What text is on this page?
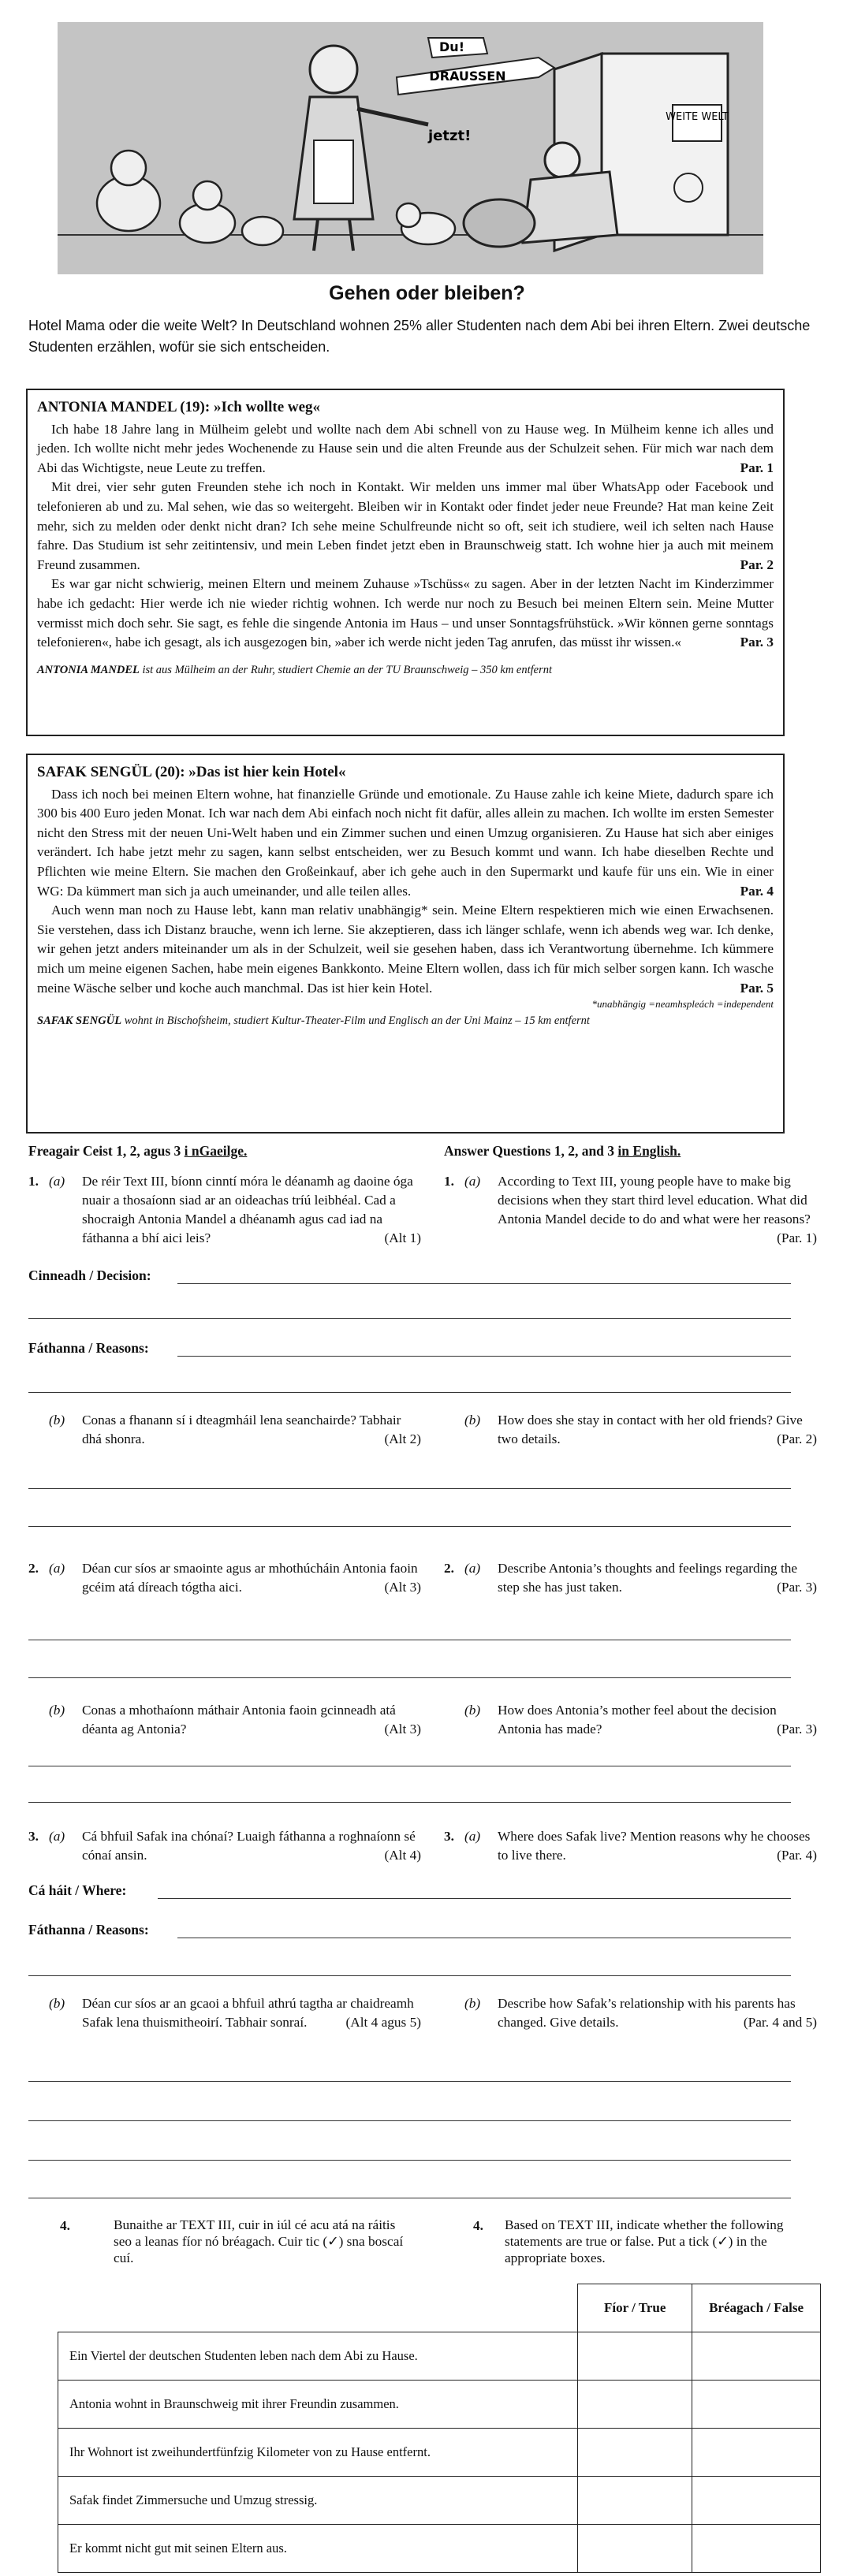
WEITE WELT
Du!
DRAUSSEN
jetzt!
Gehen oder bleiben?
Hotel Mama oder die weite Welt? In Deutschland wohnen 25% aller Studenten nach dem Abi bei ihren Eltern. Zwei deutsche Studenten erzählen, wofür sie sich entscheiden.
ANTONIA MANDEL (19): »Ich wollte weg«

Ich habe 18 Jahre lang in Mülheim gelebt und wollte nach dem Abi schnell von zu Hause weg. In Mülheim kenne ich alles und jeden. Ich wollte nicht mehr jedes Wochenende zu Hause sein und die alten Freunde aus der Schulzeit sehen. Für mich war nach dem Abi das Wichtigste, neue Leute zu treffen.	Par. 1

Mit drei, vier sehr guten Freunden stehe ich noch in Kontakt. Wir melden uns immer mal über WhatsApp oder Facebook und telefonieren ab und zu. Mal sehen, wie das so weitergeht. Bleiben wir in Kontakt oder findet jeder neue Freunde? Hat man keine Zeit mehr, sich zu melden oder denkt nicht dran? Ich sehe meine Schulfreunde nicht so oft, seit ich studiere, weil ich selten nach Hause fahre. Das Studium ist sehr zeitintensiv, und mein Leben findet jetzt eben in Braunschweig statt. Ich wohne hier ja auch mit meinem Freund zusammen.	Par. 2

Es war gar nicht schwierig, meinen Eltern und meinem Zuhause »Tschüss« zu sagen. Aber in der letzten Nacht im Kinderzimmer habe ich gedacht: Hier werde ich nie wieder richtig wohnen. Ich werde nur noch zu Besuch bei meinen Eltern sein. Meine Mutter vermisst mich doch sehr. Sie sagt, es fehle die singende Antonia im Haus – und unser Sonntagsfrühstück. »Wir können gerne sonntags telefonieren«, habe ich gesagt, als ich ausgezogen bin, »aber ich werde nicht jeden Tag anrufen, das müsst ihr wissen.«	Par. 3

ANTONIA MANDEL ist aus Mülheim an der Ruhr, studiert Chemie an der TU Braunschweig – 350 km entfernt
SAFAK SENGÜL (20): »Das ist hier kein Hotel«

Dass ich noch bei meinen Eltern wohne, hat finanzielle Gründe und emotionale. Zu Hause zahle ich keine Miete, dadurch spare ich 300 bis 400 Euro jeden Monat. Ich war nach dem Abi einfach noch nicht fit dafür, alles allein zu machen. Ich wollte im ersten Semester nicht den Stress mit der neuen Uni-Welt haben und ein Zimmer suchen und einen Umzug organisieren. Zu Hause hat sich aber einiges verändert. Ich habe jetzt mehr zu sagen, kann selbst entscheiden, wer zu Besuch kommt und wann. Ich habe dieselben Rechte und Pflichten wie meine Eltern. Sie machen den Großeinkauf, aber ich gehe auch in den Supermarkt und kaufe für uns ein. Wie in einer WG: Da kümmert man sich ja auch umeinander, und alle teilen alles.	Par. 4

Auch wenn man noch zu Hause lebt, kann man relativ unabhängig* sein. Meine Eltern respektieren mich wie einen Erwachsenen. Sie verstehen, dass ich Distanz brauche, wenn ich lerne. Sie akzeptieren, dass ich länger schlafe, wenn ich abends weg war. Ich denke, wir gehen jetzt anders miteinander um als in der Schulzeit, weil sie gesehen haben, dass ich Verantwortung übernehme. Ich kümmere mich um meine eigenen Sachen, habe mein eigenes Bankkonto. Meine Eltern wollen, dass ich für mich selber sorgen kann. Ich wasche meine Wäsche selber und koche auch manchmal. Das ist hier kein Hotel.	Par. 5

*unabhängig =neamhspleách =independent
SAFAK SENGÜL wohnt in Bischofsheim, studiert Kultur-Theater-Film und Englisch an der Uni Mainz – 15 km entfernt
Freagair Ceist 1, 2, agus 3 i nGaeilge.	Answer Questions 1, 2, and 3 in English.
1. (a) De réir Text III, bíonn cinntí móra le déanamh ag daoine óga nuair a thosaíonn siad ar an oideachas tríú leibhéal. Cad a shocraigh Antonia Mandel a dhéanamh agus cad iad na fáthanna a bhí aici leis?	(Alt 1)
1. (a) According to Text III, young people have to make big decisions when they start third level education. What did Antonia Mandel decide to do and what were her reasons?
(Par. 1)
Cinneadh / Decision:
Fáthanna / Reasons:
(b) Conas a fhanann sí i dteagmháil lena seanchairde? Tabhair dhá shonra.	(Alt 2)
(b) How does she stay in contact with her old friends? Give two details.	(Par. 2)
2. (a) Déan cur síos ar smaointe agus ar mhothúcháin Antonia faoin gcéim atá díreach tógtha aici.	(Alt 3)
2. (a) Describe Antonia’s thoughts and feelings regarding the step she has just taken.	(Par. 3)
(b) Conas a mhothaíonn máthair Antonia faoin gcinneadh atá déanta ag Antonia?	(Alt 3)
(b) How does Antonia’s mother feel about the decision Antonia has made?	(Par. 3)
3. (a) Cá bhfuil Safak ina chónaí? Luaigh fáthanna a roghnaíonn sé cónaí ansin.	(Alt 4)
3. (a) Where does Safak live? Mention reasons why he chooses to live there.	(Par. 4)
Cá háit / Where:
Fáthanna / Reasons:
(b) Déan cur síos ar an gcaoi a bhfuil athrú tagtha ar chaidreamh Safak lena thuismitheoirí. Tabhair sonraí.	(Alt 4 agus 5)
(b) Describe how Safak’s relationship with his parents has changed. Give details.	(Par. 4 and 5)
4.	Bunaithe ar TEXT III, cuir in iúl cé acu atá na ráitis seo a leanas fíor nó bréagach. Cuir tic (✓) sna boscaí cuí.
4. Based on TEXT III, indicate whether the following statements are true or false. Put a tick (✓) in the appropriate boxes.
	Fíor / True	Bréagach / False
Ein Viertel der deutschen Studenten leben nach dem Abi zu Hause.		
Antonia wohnt in Braunschweig mit ihrer Freundin zusammen.		
Ihr Wohnort ist zweihundertfünfzig Kilometer von zu Hause entfernt.		
Safak findet Zimmersuche und Umzug stressig.		
Er kommt nicht gut mit seinen Eltern aus.		
